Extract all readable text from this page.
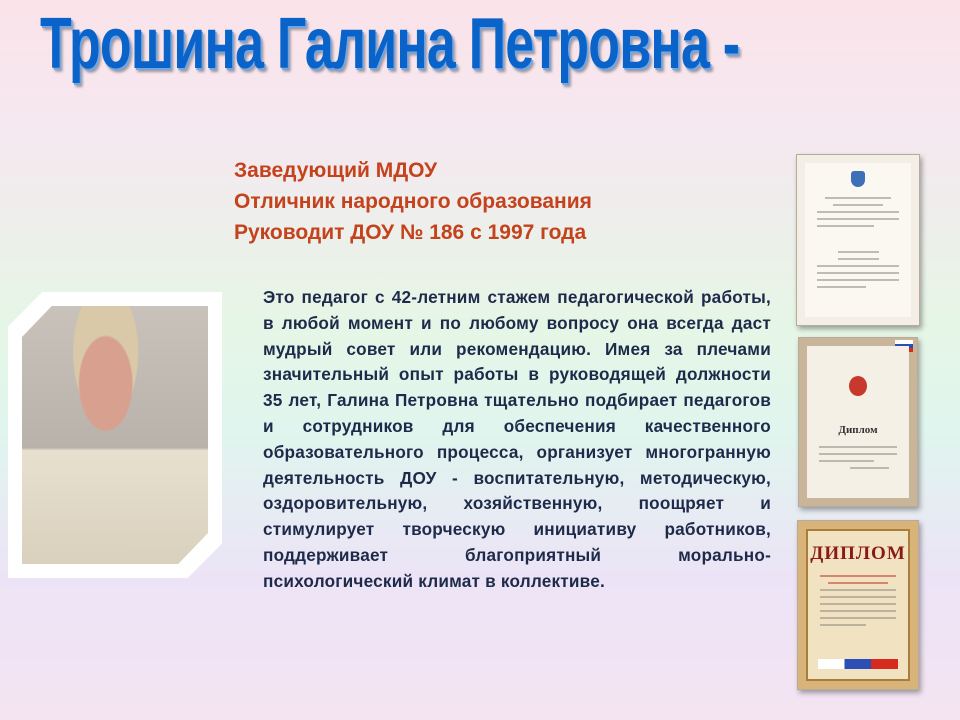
Трошина Галина Петровна -
Заведующий МДОУ
Отличник народного образования
Руководит ДОУ № 186 с 1997 года

Это педагог с 42-летним стажем педагогической работы, в любой момент и по любому вопросу она всегда даст мудрый совет или рекомендацию. Имея за плечами значительный опыт работы в руководящей должности 35 лет, Галина Петровна тщательно подбирает педагогов и сотрудников для обеспечения качественного образовательного процесса, организует многогранную деятельность ДОУ - воспитательную, методическую, оздоровительную, хозяйственную, поощряет и стимулирует творческую инициативу работников, поддерживает благоприятный морально-психологический климат в коллективе.

Диплом
ДИПЛОМ
